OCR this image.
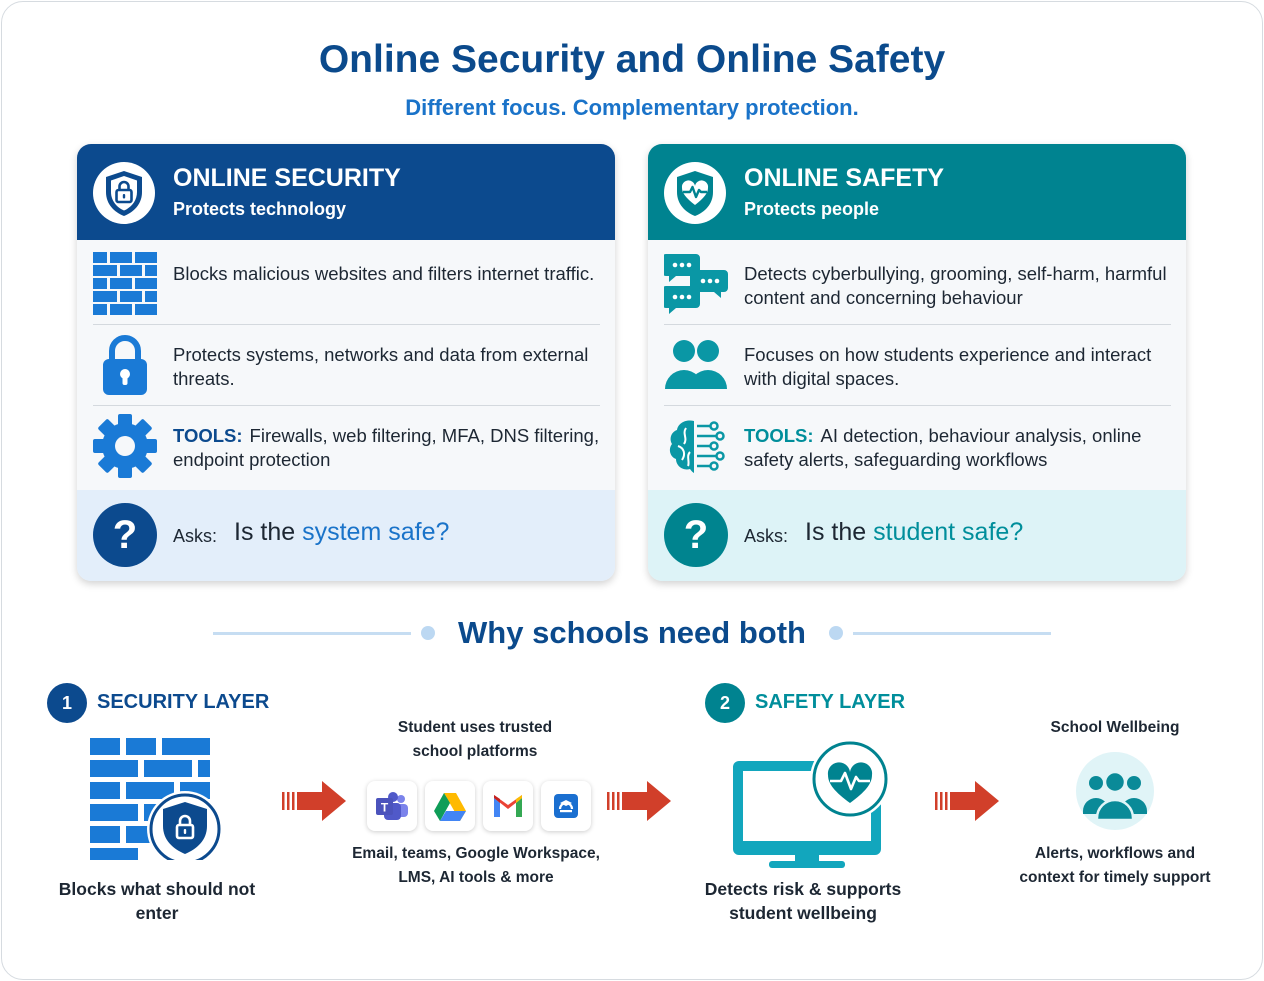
Online Security and Online Safety
Different focus. Complementary protection.
ONLINE SECURITY
Protects technology
Blocks malicious websites and filters internet traffic.
Protects systems, networks and data from external threats.
TOOLS: Firewalls, web filtering, MFA, DNS filtering, endpoint protection
?	Asks: Is the system safe?
ONLINE SAFETY
Protects people
Detects cyberbullying, grooming, self-harm, harmful content and concerning behaviour
Focuses on how students experience and interact with digital spaces.
TOOLS: AI detection, behaviour analysis, online safety alerts, safeguarding workflows
?	Asks: Is the student safe?
Why schools need both
1	SECURITY LAYER
Blocks what should not enter
Student uses trusted school platforms
T
Email, teams, Google Workspace, LMS, AI tools & more
2	SAFETY LAYER
Detects risk & supports student wellbeing
School Wellbeing
Alerts, workflows and context for timely support
